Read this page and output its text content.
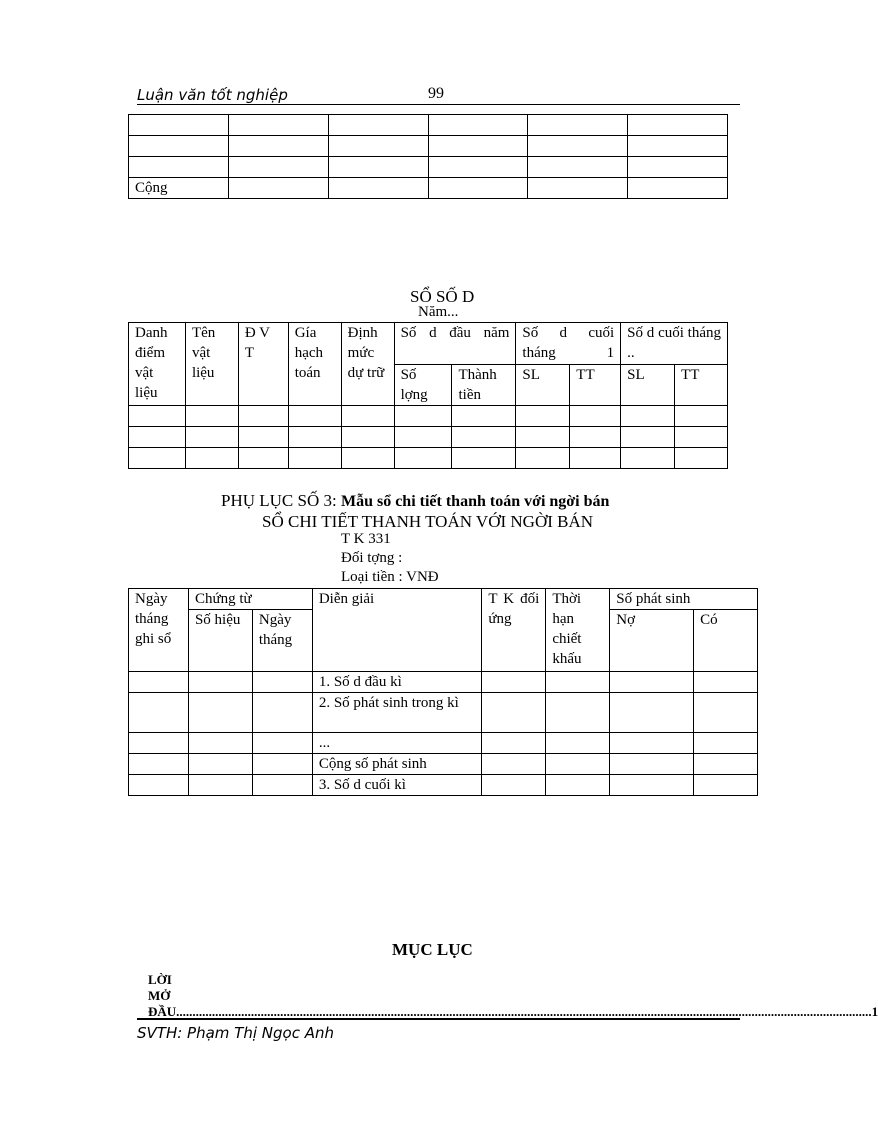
Luận văn tốt nghiệp	99

Cộng					
SỔ SỐ D
Năm...
Danh điểm vật liệu	Tên vật liệu	Đ V T	Gía hạch toán	Định mức dự trữ	Số d đầu năm		Số d cuối tháng 1		Số d cuối tháng ..	
					Số lợng	Thành tiền	SL	TT	SL	TT

PHỤ LỤC SỐ 3: Mẫu sổ chi tiết thanh toán với ngời bán
SỔ CHI TIẾT THANH TOÁN VỚI NGỜI BÁN
T K 331
Đối tợng :
Loại tiền : VNĐ
Ngày tháng ghi sổ	Chứng từ		Diễn giải	T K đối ứng	Thời hạn chiết khấu	Số phát sinh	
	Số hiệu	Ngày tháng				Nợ	Có
			1. Số d đầu kì				
			2. Số phát sinh trong kì				
			...				
			Cộng số phát sinh				
			3. Số d cuối kì				
MỤC LỤC
LỜI MỞ ĐẦU ...................................................................................................................................................................................................................... 1
SVTH: Phạm Thị Ngọc Anh
